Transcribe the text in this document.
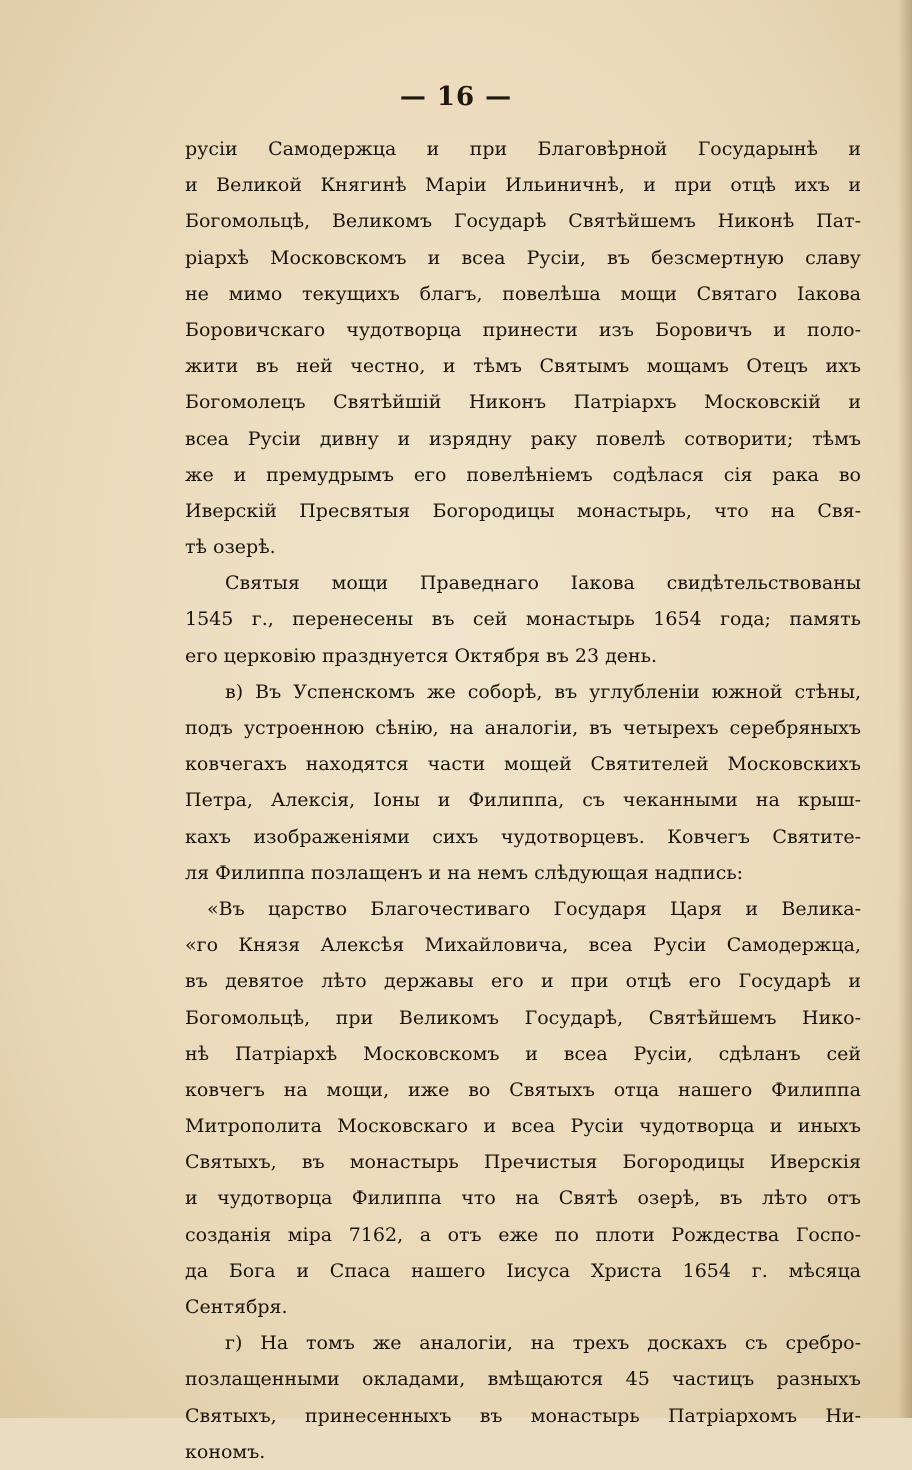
— 16 —
русiи Самодержца и при Благовѣрной Государынѣ и
и Великой Княгинѣ Марiи Ильиничнѣ, и при отцѣ ихъ и
Богомольцѣ, Великомъ Государѣ Святѣйшемъ Никонѣ Пат-
рiархѣ Московскомъ и всеа Русiи, въ безсмертную славу
не мимо текущихъ благъ, повелѣша мощи Святаго Iакова
Боровичскаго чудотворца принести изъ Боровичъ и поло-
жити въ ней честно, и тѣмъ Святымъ мощамъ Отецъ ихъ
Богомолецъ Святѣйшiй Никонъ Патрiархъ Московскiй и
всеа Русiи дивну и изрядну раку повелѣ сотворити; тѣмъ
же и премудрымъ его повелѣнiемъ содѣлася сiя рака во
Иверскiй Пресвятыя Богородицы монастырь, что на Свя-
тѣ озерѣ.
Святыя мощи Праведнаго Iакова свидѣтельствованы
1545 г., перенесены въ сей монастырь 1654 года; память
его церковiю празднуется Октября въ 23 день.
в) Въ Успенскомъ же соборѣ, въ углубленiи южной стѣны,
подъ устроенною сѣнiю, на аналогiи, въ четырехъ серебряныхъ
ковчегахъ находятся части мощей Святителей Московскихъ
Петра, Алексiя, Iоны и Филиппа, съ чеканными на крыш-
кахъ изображенiями сихъ чудотворцевъ. Ковчегъ Святите-
ля Филиппа позлащенъ и на немъ слѣдующая надпись:
«Въ царство Благочестиваго Государя Царя и Велика-
«го Князя Алексѣя Михайловича, всеа Русiи Самодержца,
въ девятое лѣто державы его и при отцѣ его Государѣ и
Богомольцѣ, при Великомъ Государѣ, Святѣйшемъ Нико-
нѣ Патрiархѣ Московскомъ и всеа Русiи, сдѣланъ сей
ковчегъ на мощи, иже во Святыхъ отца нашего Филиппа
Митрополита Московскаго и всеа Русiи чудотворца и иныхъ
Святыхъ, въ монастырь Пречистыя Богородицы Иверскiя
и чудотворца Филиппа что на Святѣ озерѣ, въ лѣто отъ
созданiя мiра 7162, а отъ еже по плоти Рождества Госпо-
да Бога и Спаса нашего Iисуса Христа 1654 г. мѣсяца
Сентября.
г) На томъ же аналогiи, на трехъ доскахъ съ сребро-
позлащенными окладами, вмѣщаются 45 частицъ разныхъ
Святыхъ, принесенныхъ въ монастырь Патрiархомъ Ни-
кономъ.
